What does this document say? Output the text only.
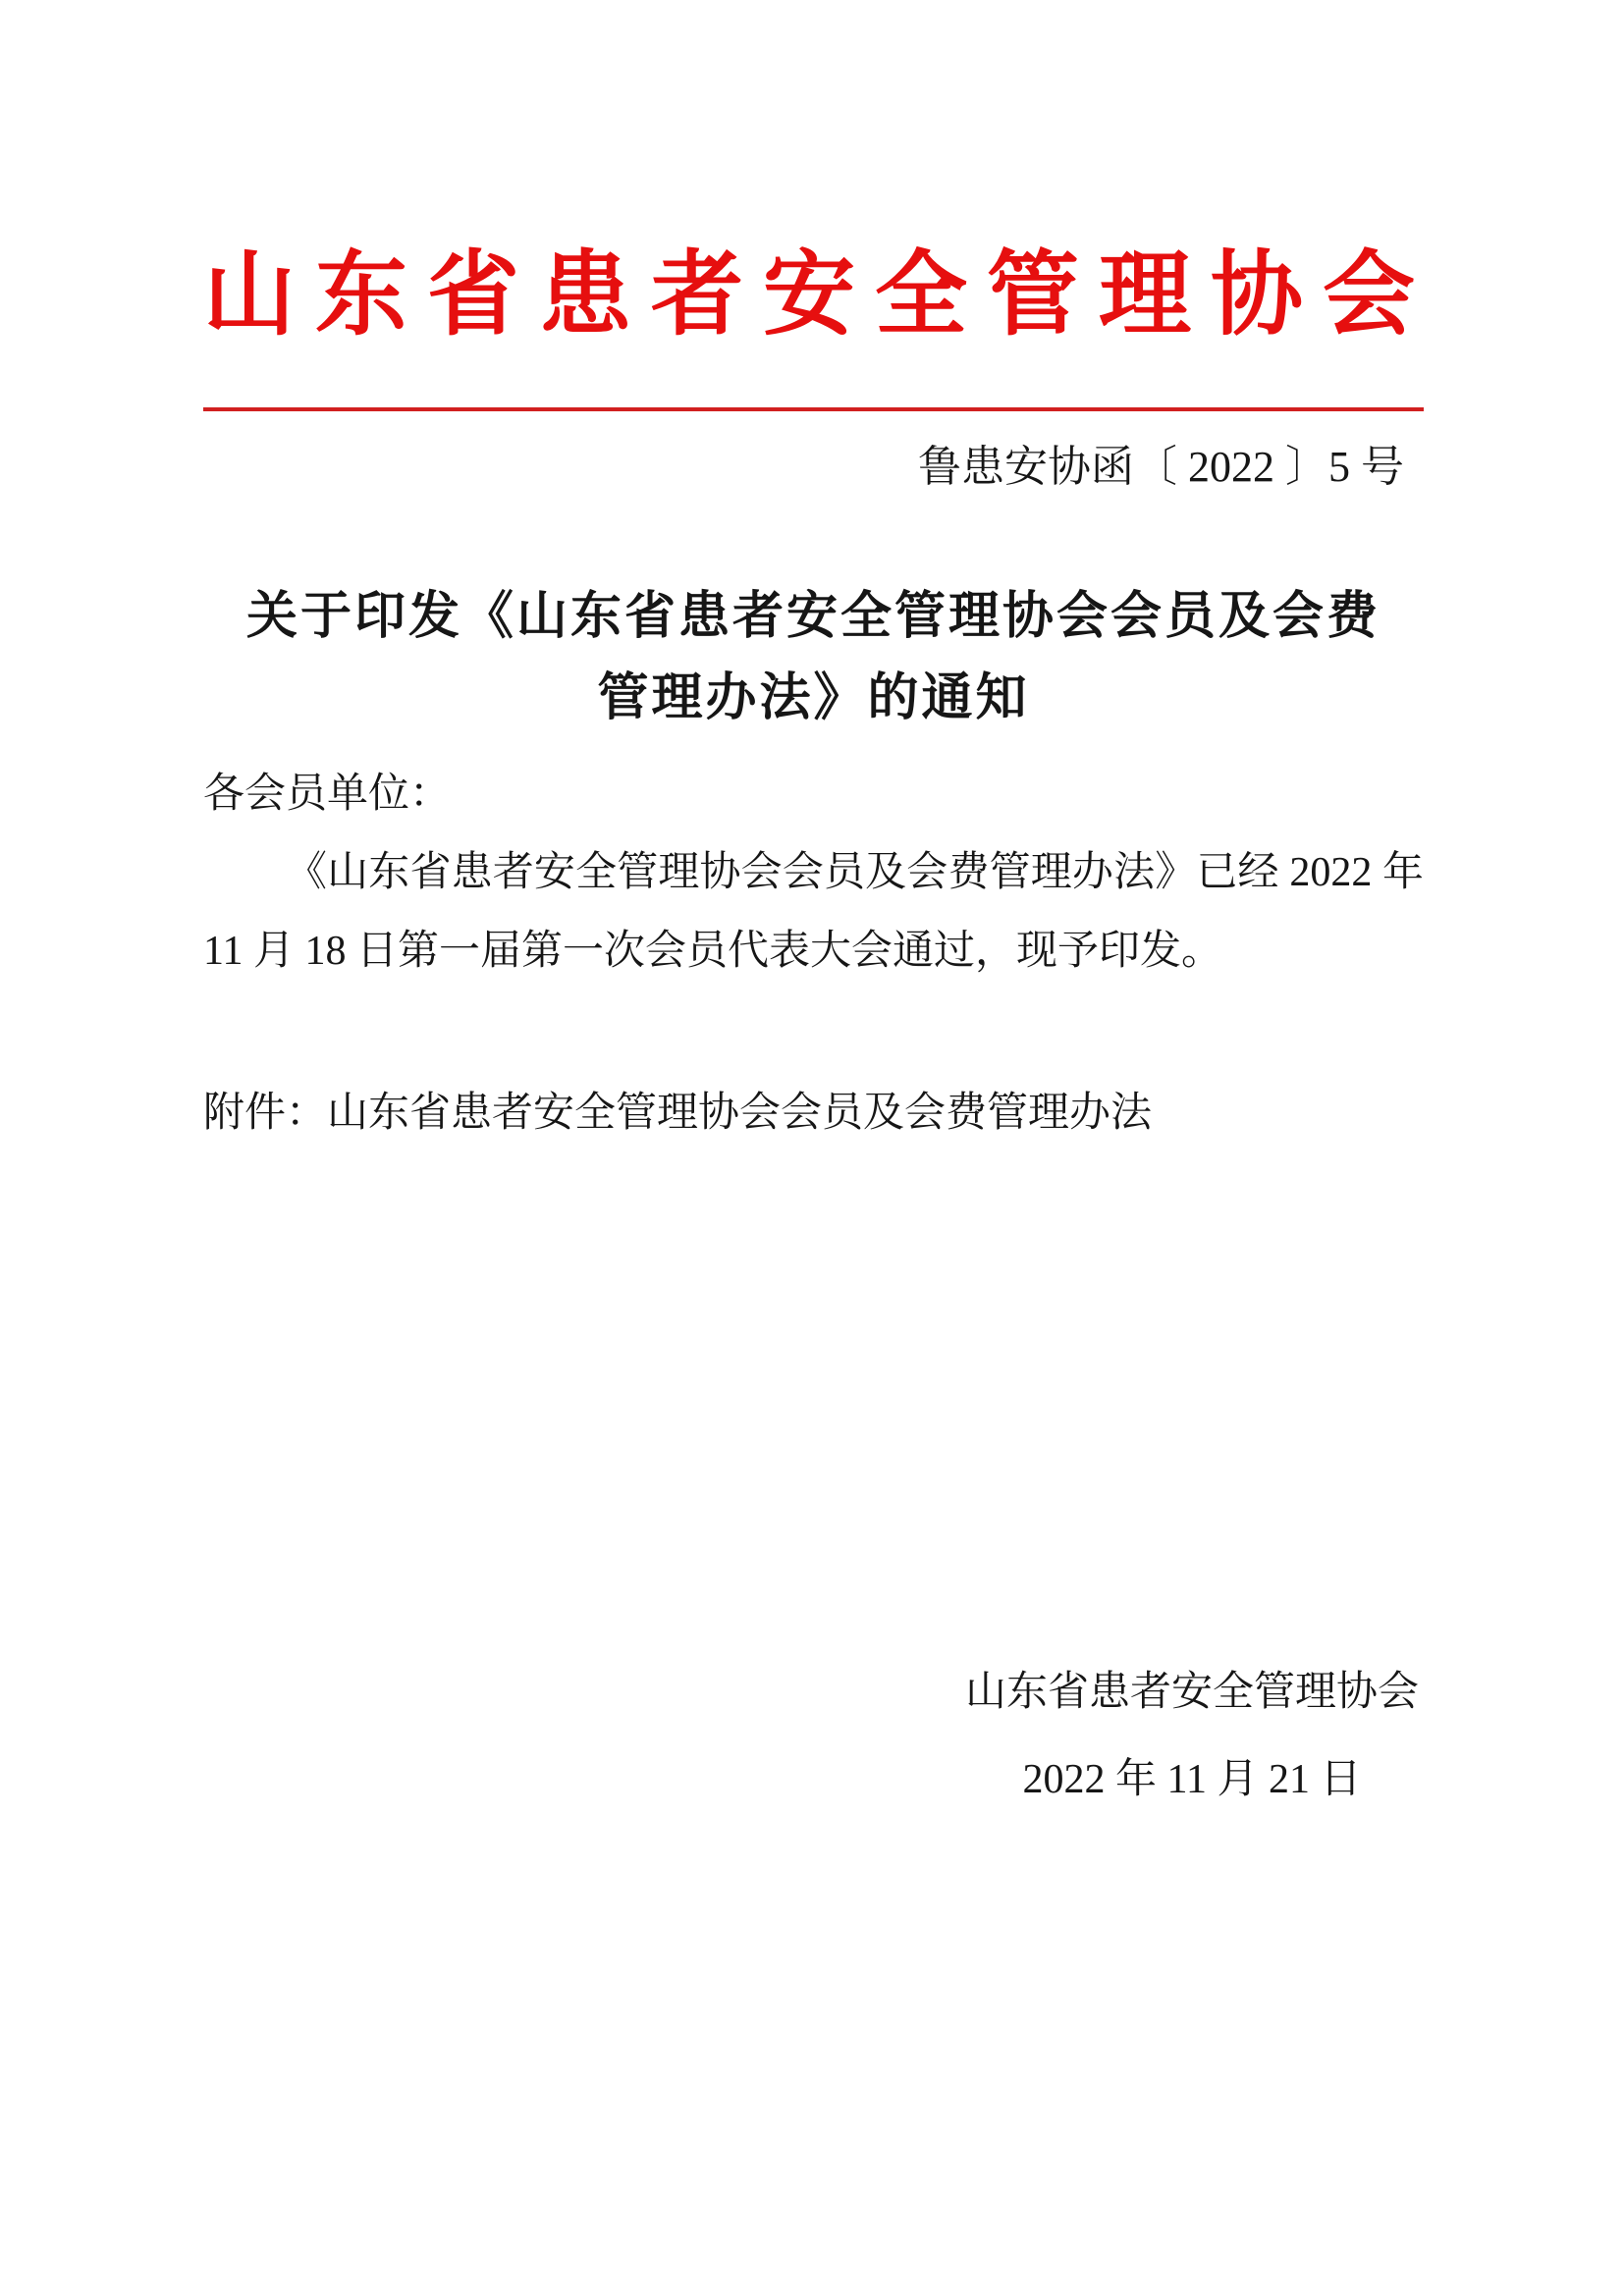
山东省患者安全管理协会
鲁患安协函〔 2022 〕5 号
关于印发《山东省患者安全管理协会会员及会费
管理办法》的通知
各会员单位：
《山东省患者安全管理协会会员及会费管理办法》已经 2022 年 11 月 18 日第一届第一次会员代表大会通过，现予印发。
附件：山东省患者安全管理协会会员及会费管理办法
山东省患者安全管理协会
2022 年 11 月 21 日
